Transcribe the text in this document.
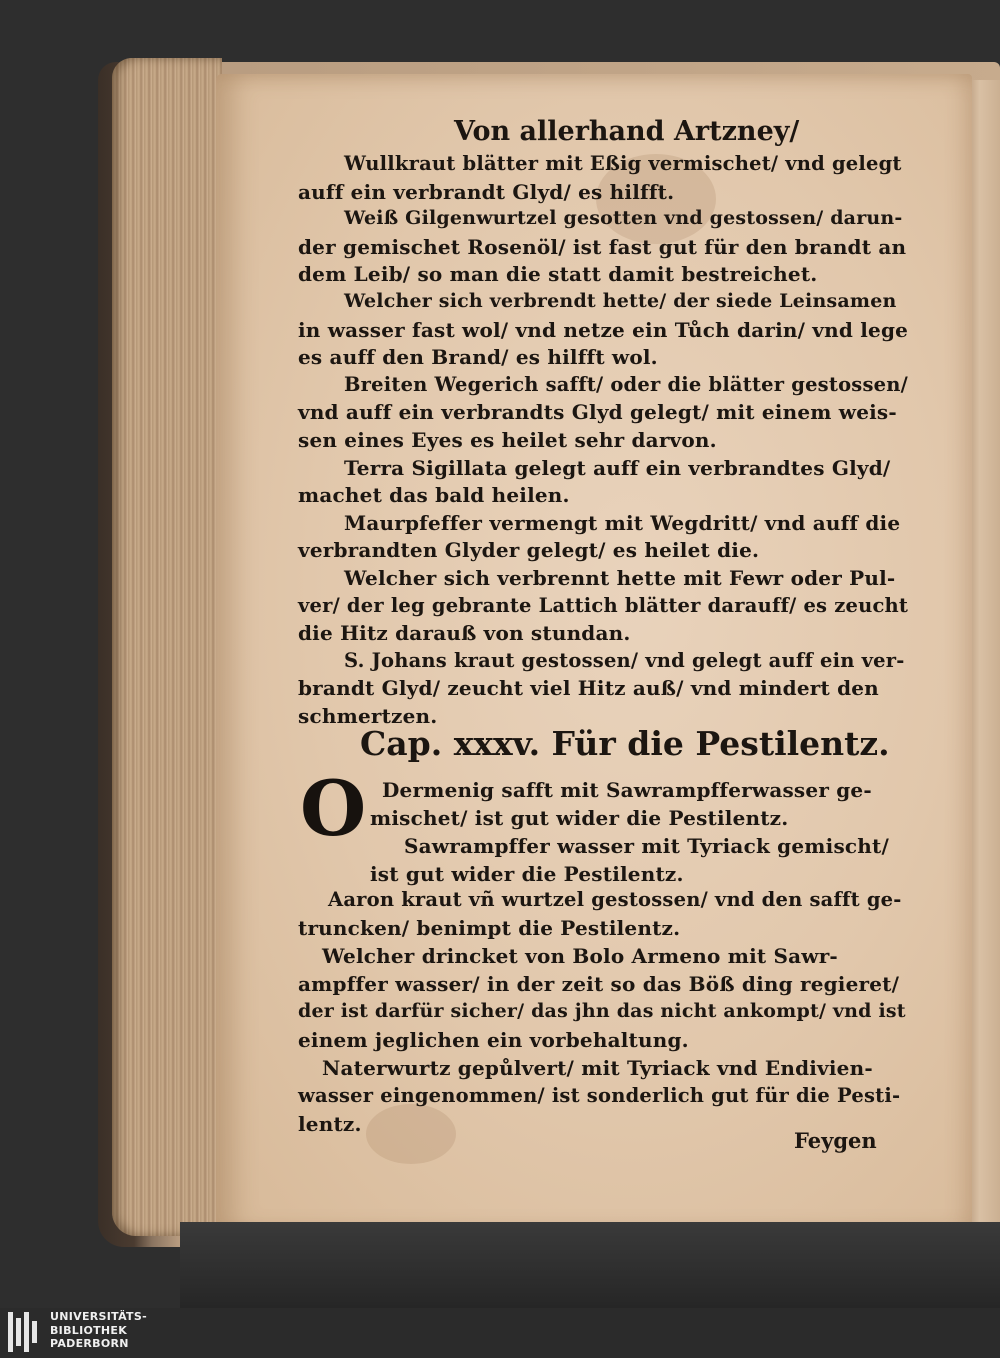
Von allerhand Artzney/
Wullkraut blätter mit Eßig vermischet/ vnd gelegt
auff ein verbrandt Glyd/ es hilfft.
Weiß Gilgenwurtzel gesotten vnd gestossen/ darun-
der gemischet Rosenöl/ ist fast gut für den brandt an
dem Leib/ so man die statt damit bestreichet.
Welcher sich verbrendt hette/ der siede Leinsamen
in wasser fast wol/ vnd netze ein Tůch darin/ vnd lege
es auff den Brand/ es hilfft wol.
Breiten Wegerich safft/ oder die blätter gestossen/
vnd auff ein verbrandts Glyd gelegt/ mit einem weis-
sen eines Eyes es heilet sehr darvon.
Terra Sigillata gelegt auff ein verbrandtes Glyd/
machet das bald heilen.
Maurpfeffer vermengt mit Wegdritt/ vnd auff die
verbrandten Glyder gelegt/ es heilet die.
Welcher sich verbrennt hette mit Fewr oder Pul-
ver/ der leg gebrante Lattich blätter darauff/ es zeucht
die Hitz darauß von stundan.
S. Johans kraut gestossen/ vnd gelegt auff ein ver-
brandt Glyd/ zeucht viel Hitz auß/ vnd mindert den
schmertzen.
Cap. xxxv. Für die Pestilentz.
O Dermenig safft mit Sawrampfferwasser ge-
mischet/ ist gut wider die Pestilentz.
Sawrampffer wasser mit Tyriack gemischt/
ist gut wider die Pestilentz.
Aaron kraut vñ wurtzel gestossen/ vnd den safft ge-
truncken/ benimpt die Pestilentz.
Welcher drincket von Bolo Armeno mit Sawr-
ampffer wasser/ in der zeit so das Böß ding regieret/
der ist darfür sicher/ das jhn das nicht ankompt/ vnd ist
einem jeglichen ein vorbehaltung.
Naterwurtz gepůlvert/ mit Tyriack vnd Endivien-
wasser eingenommen/ ist sonderlich gut für die Pesti-
lentz.
Feygen
UNIVERSITÄTS-
BIBLIOTHEK
PADERBORN
